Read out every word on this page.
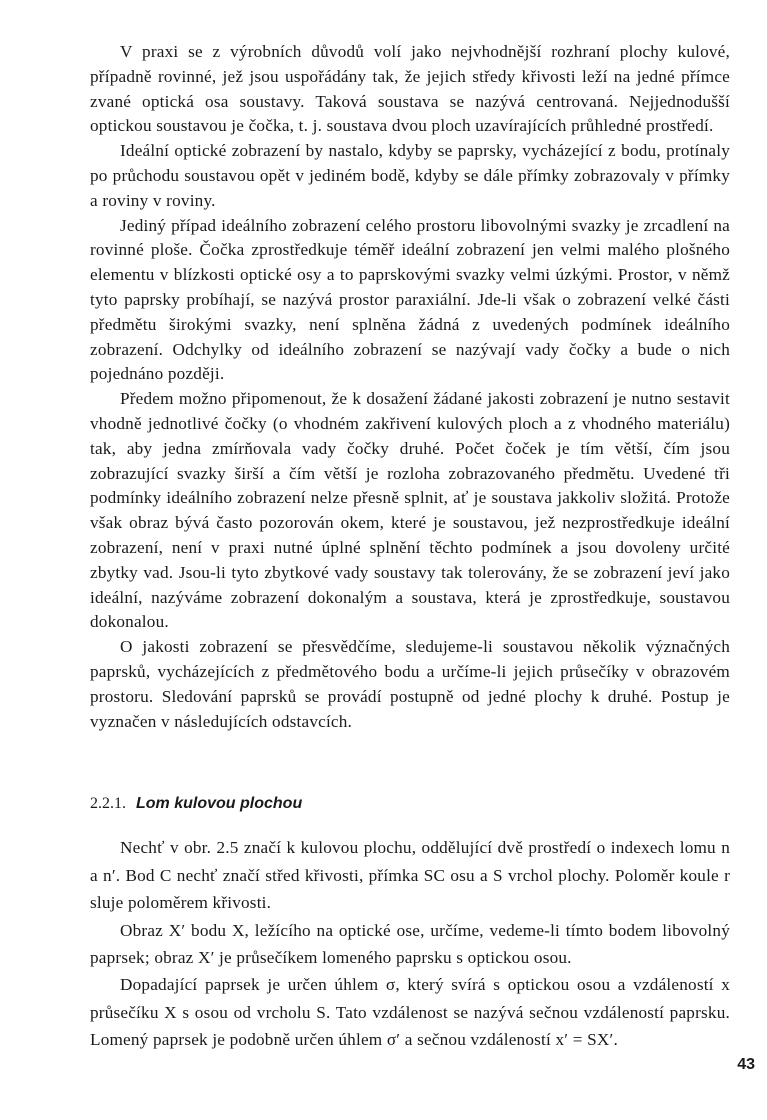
V praxi se z výrobních důvodů volí jako nejvhodnější rozhraní plochy kulové, případně rovinné, jež jsou uspořádány tak, že jejich středy křivosti leží na jedné přímce zvané optická osa soustavy. Taková soustava se nazývá centrovaná. Nejjednodušší optickou soustavou je čočka, t. j. soustava dvou ploch uzavírajících průhledné prostředí.

Ideální optické zobrazení by nastalo, kdyby se paprsky, vycházející z bodu, protínaly po průchodu soustavou opět v jediném bodě, kdyby se dále přímky zobrazovaly v přímky a roviny v roviny.

Jediný případ ideálního zobrazení celého prostoru libovolnými svazky je zrcadlení na rovinné ploše. Čočka zprostředkuje téměř ideální zobrazení jen velmi malého plošného elementu v blízkosti optické osy a to paprskovými svazky velmi úzkými. Prostor, v němž tyto paprsky probíhají, se nazývá prostor paraxiální. Jde-li však o zobrazení velké části předmětu širokými svazky, není splněna žádná z uvedených podmínek ideálního zobrazení. Odchylky od ideálního zobrazení se nazývají vady čočky a bude o nich pojednáno později.

Předem možno připomenout, že k dosažení žádané jakosti zobrazení je nutno sestavit vhodně jednotlivé čočky (o vhodném zakřivení kulových ploch a z vhodného materiálu) tak, aby jedna zmírňovala vady čočky druhé. Počet čoček je tím větší, čím jsou zobrazující svazky širší a čím větší je rozloha zobrazovaného předmětu. Uvedené tři podmínky ideálního zobrazení nelze přesně splnit, ať je soustava jakkoliv složitá. Protože však obraz bývá často pozorován okem, které je soustavou, jež nezprostředkuje ideální zobrazení, není v praxi nutné úplné splnění těchto podmínek a jsou dovoleny určité zbytky vad. Jsou-li tyto zbytkové vady soustavy tak tolerovány, že se zobrazení jeví jako ideální, nazýváme zobrazení dokonalým a soustava, která je zprostředkuje, soustavou dokonalou.

O jakosti zobrazení se přesvědčíme, sledujeme-li soustavou několik význačných paprsků, vycházejících z předmětového bodu a určíme-li jejich průsečíky v obrazovém prostoru. Sledování paprsků se provádí postupně od jedné plochy k druhé. Postup je vyznačen v následujících odstavcích.

2.2.1. Lom kulovou plochou

Nechť v obr. 2.5 značí k kulovou plochu, oddělující dvě prostředí o indexech lomu n a n′. Bod C nechť značí střed křivosti, přímka SC osu a S vrchol plochy. Poloměr koule r sluje poloměrem křivosti.

Obraz X′ bodu X, ležícího na optické ose, určíme, vedeme-li tímto bodem libovolný paprsek; obraz X′ je průsečíkem lomeného paprsku s optickou osou.

Dopadající paprsek je určen úhlem σ, který svírá s optickou osou a vzdáleností x průsečíku X s osou od vrcholu S. Tato vzdálenost se nazývá sečnou vzdáleností paprsku. Lomený paprsek je podobně určen úhlem σ′ a sečnou vzdáleností x′ = SX′.

43
